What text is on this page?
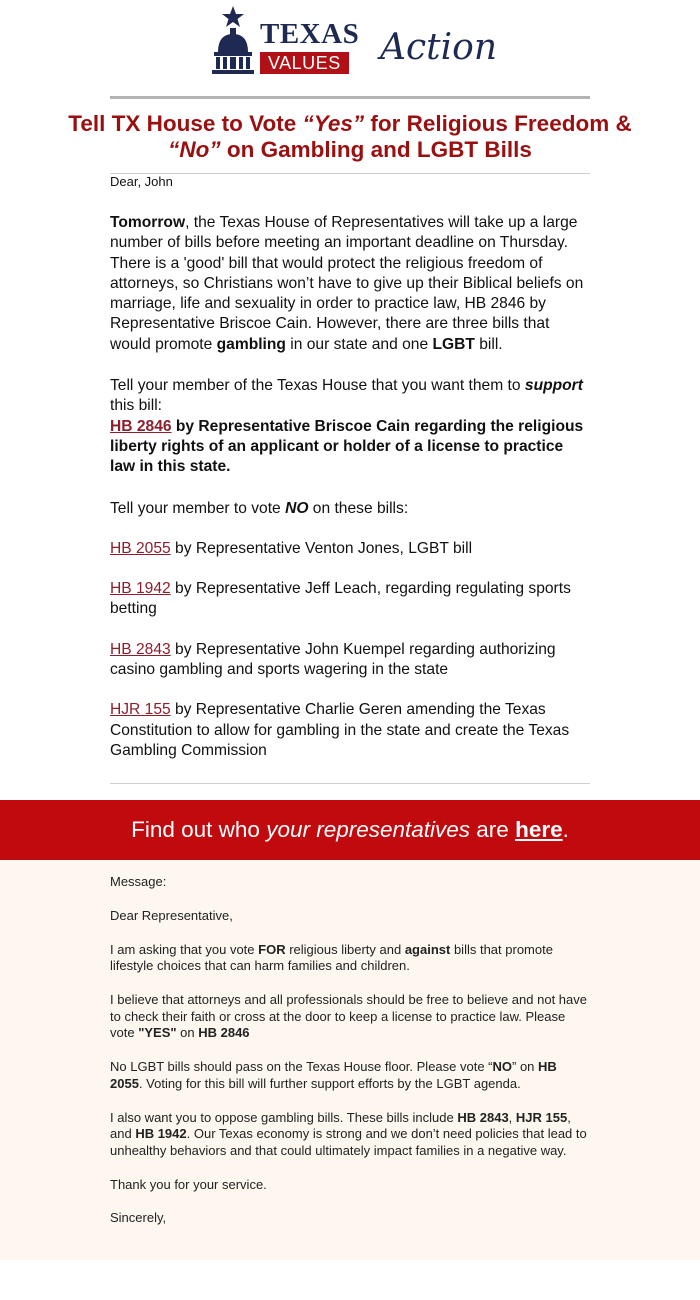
TEXAS
VALUES Action
Tell TX House to Vote “Yes” for Religious Freedom & “No” on Gambling and LGBT Bills

Dear, John

Tomorrow, the Texas House of Representatives will take up a large number of bills before meeting an important deadline on Thursday. There is a 'good' bill that would protect the religious freedom of attorneys, so Christians won’t have to give up their Biblical beliefs on marriage, life and sexuality in order to practice law, HB 2846 by Representative Briscoe Cain. However, there are three bills that would promote gambling in our state and one LGBT bill.

Tell your member of the Texas House that you want them to support this bill:
HB 2846 by Representative Briscoe Cain regarding the religious liberty rights of an applicant or holder of a license to practice law in this state.

Tell your member to vote NO on these bills:

HB 2055 by Representative Venton Jones, LGBT bill

HB 1942 by Representative Jeff Leach, regarding regulating sports betting

HB 2843 by Representative John Kuempel regarding authorizing casino gambling and sports wagering in the state

HJR 155 by Representative Charlie Geren amending the Texas Constitution to allow for gambling in the state and create the Texas Gambling Commission

Find out who your representatives are here.

Message:

Dear Representative,

I am asking that you vote FOR religious liberty and against bills that promote lifestyle choices that can harm families and children.

I believe that attorneys and all professionals should be free to believe and not have to check their faith or cross at the door to keep a license to practice law. Please vote "YES" on HB 2846

No LGBT bills should pass on the Texas House floor. Please vote “NO” on HB 2055. Voting for this bill will further support efforts by the LGBT agenda.

I also want you to oppose gambling bills. These bills include HB 2843, HJR 155, and HB 1942. Our Texas economy is strong and we don’t need policies that lead to unhealthy behaviors and that could ultimately impact families in a negative way.

Thank you for your service.

Sincerely,
